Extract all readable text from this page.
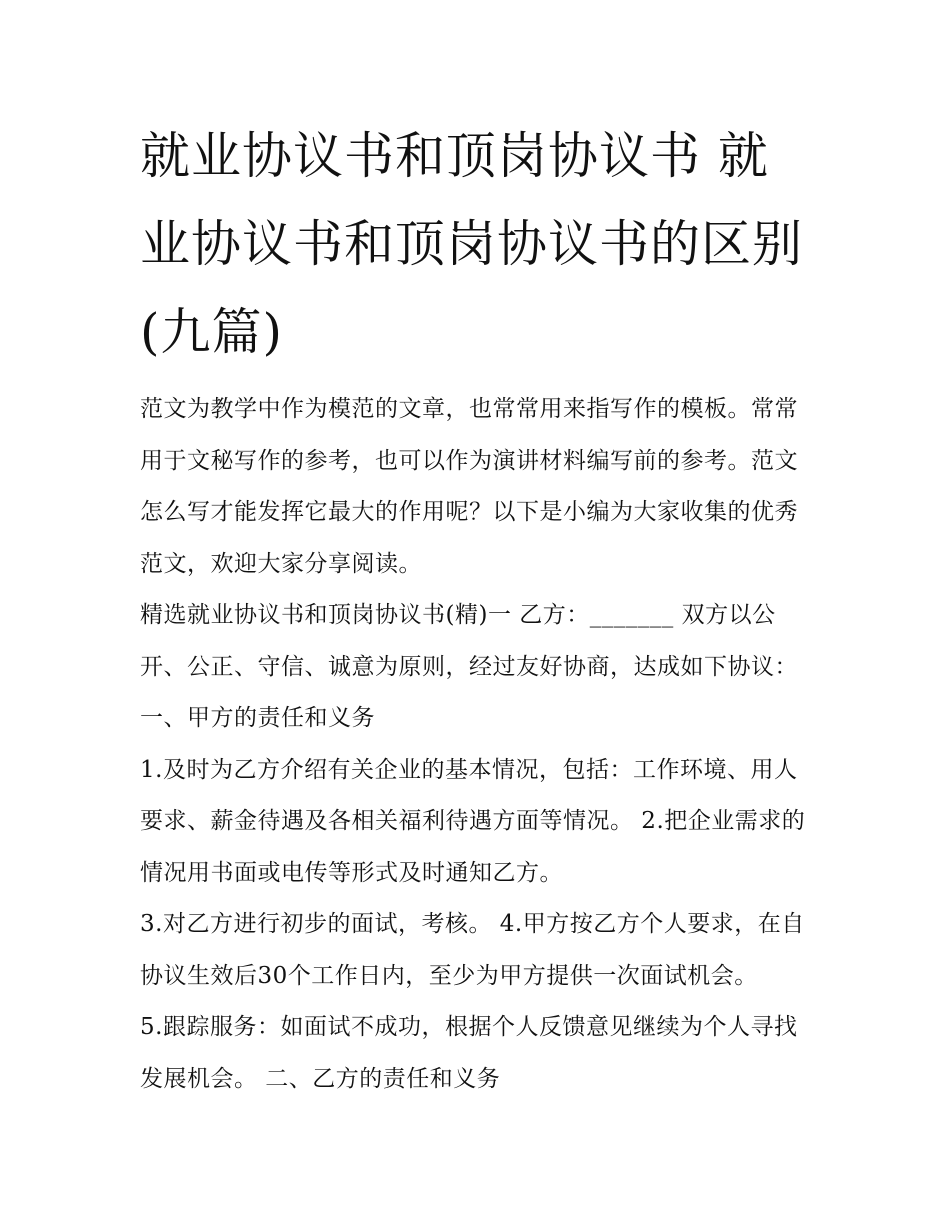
就业协议书和顶岗协议书 就业协议书和顶岗协议书的区别(九篇)

范文为教学中作为模范的文章，也常常用来指写作的模板。常常用于文秘写作的参考，也可以作为演讲材料编写前的参考。范文怎么写才能发挥它最大的作用呢？以下是小编为大家收集的优秀范文，欢迎大家分享阅读。

精选就业协议书和顶岗协议书(精)一 乙方：_______ 双方以公开、公正、守信、诚意为原则，经过友好协商，达成如下协议： 一、甲方的责任和义务

1.及时为乙方介绍有关企业的基本情况，包括：工作环境、用人要求、薪金待遇及各相关福利待遇方面等情况。 2.把企业需求的情况用书面或电传等形式及时通知乙方。

3.对乙方进行初步的面试，考核。 4.甲方按乙方个人要求，在自协议生效后30个工作日内，至少为甲方提供一次面试机会。

5.跟踪服务：如面试不成功，根据个人反馈意见继续为个人寻找发展机会。 二、乙方的责任和义务
